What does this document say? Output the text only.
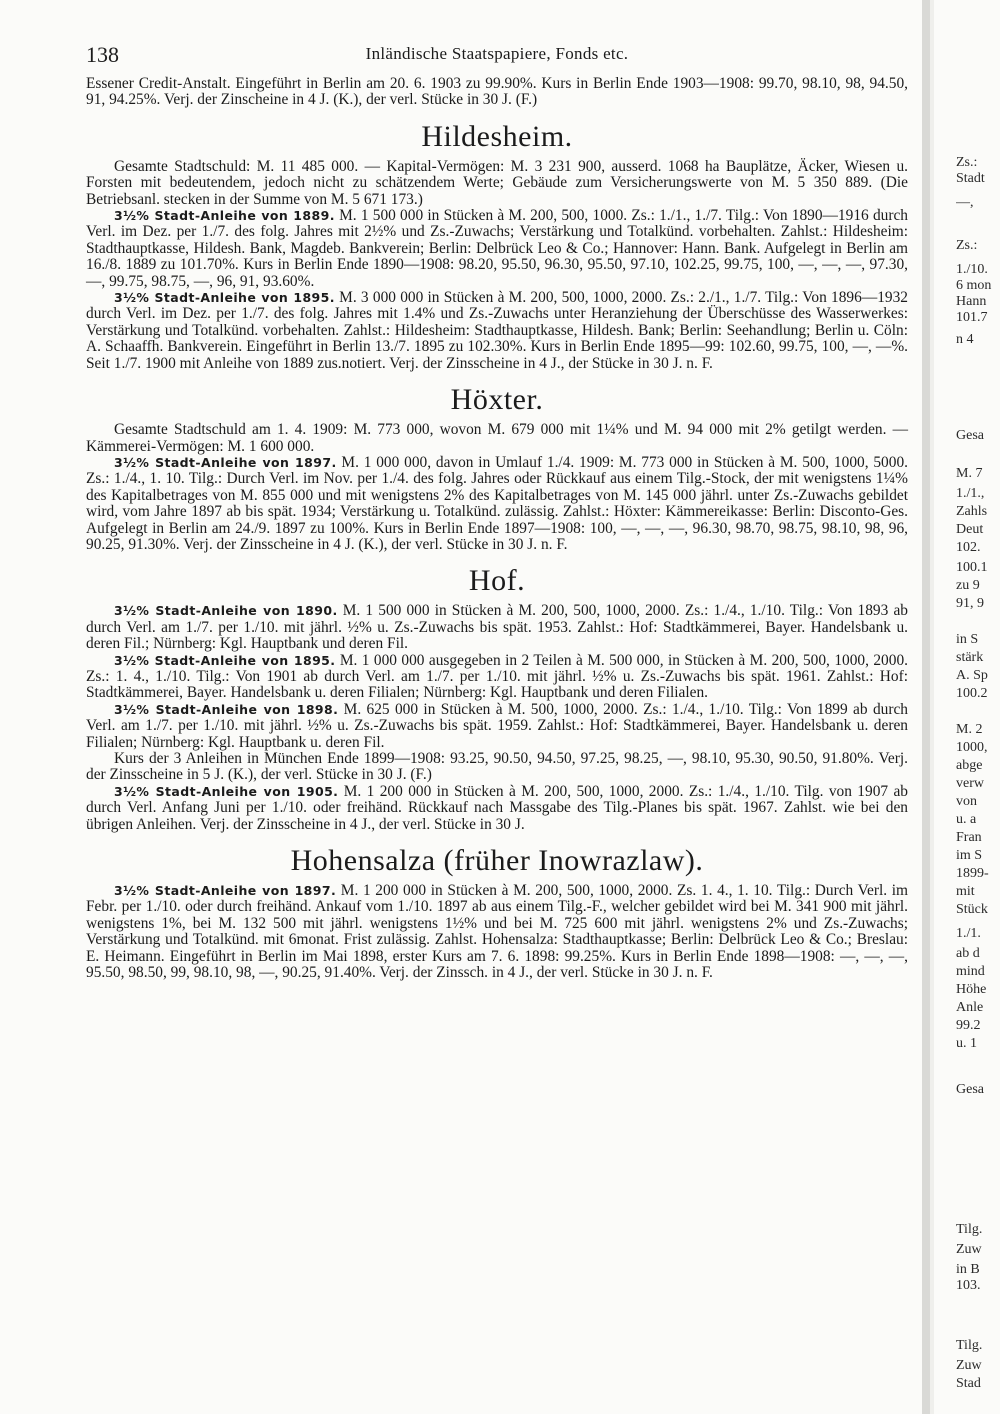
138	Inländische Staatspapiere, Fonds etc.

Essener Credit-Anstalt. Eingeführt in Berlin am 20. 6. 1903 zu 99.90%. Kurs in Berlin Ende 1903—1908: 99.70, 98.10, 98, 94.50, 91, 94.25%. Verj. der Zinscheine in 4 J. (K.), der verl. Stücke in 30 J. (F.)

Hildesheim.

Gesamte Stadtschuld: M. 11 485 000. — Kapital-Vermögen: M. 3 231 900, ausserd. 1068 ha Bauplätze, Äcker, Wiesen u. Forsten mit bedeutendem, jedoch nicht zu schätzendem Werte; Gebäude zum Versicherungswerte von M. 5 350 889. (Die Betriebsanl. stecken in der Summe von M. 5 671 173.)

3½% Stadt-Anleihe von 1889. M. 1 500 000 in Stücken à M. 200, 500, 1000. Zs.: 1./1., 1./7. Tilg.: Von 1890—1916 durch Verl. im Dez. per 1./7. des folg. Jahres mit 2½% und Zs.-Zuwachs; Verstärkung und Totalkünd. vorbehalten. Zahlst.: Hildesheim: Stadthauptkasse, Hildesh. Bank, Magdeb. Bankverein; Berlin: Delbrück Leo & Co.; Hannover: Hann. Bank. Aufgelegt in Berlin am 16./8. 1889 zu 101.70%. Kurs in Berlin Ende 1890—1908: 98.20, 95.50, 96.30, 95.50, 97.10, 102.25, 99.75, 100, —, —, —, 97.30, —, 99.75, 98.75, —, 96, 91, 93.60%.

3½% Stadt-Anleihe von 1895. M. 3 000 000 in Stücken à M. 200, 500, 1000, 2000. Zs.: 2./1., 1./7. Tilg.: Von 1896—1932 durch Verl. im Dez. per 1./7. des folg. Jahres mit 1.4% und Zs.-Zuwachs unter Heranziehung der Überschüsse des Wasserwerkes: Verstärkung und Totalkünd. vorbehalten. Zahlst.: Hildesheim: Stadthauptkasse, Hildesh. Bank; Berlin: Seehandlung; Berlin u. Cöln: A. Schaaffh. Bankverein. Eingeführt in Berlin 13./7. 1895 zu 102.30%. Kurs in Berlin Ende 1895—99: 102.60, 99.75, 100, —, —%. Seit 1./7. 1900 mit Anleihe von 1889 zus.notiert. Verj. der Zinsscheine in 4 J., der Stücke in 30 J. n. F.

Höxter.

Gesamte Stadtschuld am 1. 4. 1909: M. 773 000, wovon M. 679 000 mit 1¼% und M. 94 000 mit 2% getilgt werden. — Kämmerei-Vermögen: M. 1 600 000.

3½% Stadt-Anleihe von 1897. M. 1 000 000, davon in Umlauf 1./4. 1909: M. 773 000 in Stücken à M. 500, 1000, 5000. Zs.: 1./4., 1. 10. Tilg.: Durch Verl. im Nov. per 1./4. des folg. Jahres oder Rückkauf aus einem Tilg.-Stock, der mit wenigstens 1¼% des Kapitalbetrages von M. 855 000 und mit wenigstens 2% des Kapitalbetrages von M. 145 000 jährl. unter Zs.-Zuwachs gebildet wird, vom Jahre 1897 ab bis spät. 1934; Verstärkung u. Totalkünd. zulässig. Zahlst.: Höxter: Kämmereikasse: Berlin: Disconto-Ges. Aufgelegt in Berlin am 24./9. 1897 zu 100%. Kurs in Berlin Ende 1897—1908: 100, —, —, —, 96.30, 98.70, 98.75, 98.10, 98, 96, 90.25, 91.30%. Verj. der Zinsscheine in 4 J. (K.), der verl. Stücke in 30 J. n. F.

Hof.

3½% Stadt-Anleihe von 1890. M. 1 500 000 in Stücken à M. 200, 500, 1000, 2000. Zs.: 1./4., 1./10. Tilg.: Von 1893 ab durch Verl. am 1./7. per 1./10. mit jährl. ½% u. Zs.-Zuwachs bis spät. 1953. Zahlst.: Hof: Stadtkämmerei, Bayer. Handelsbank u. deren Fil.; Nürnberg: Kgl. Hauptbank und deren Fil.

3½% Stadt-Anleihe von 1895. M. 1 000 000 ausgegeben in 2 Teilen à M. 500 000, in Stücken à M. 200, 500, 1000, 2000. Zs.: 1. 4., 1./10. Tilg.: Von 1901 ab durch Verl. am 1./7. per 1./10. mit jährl. ½% u. Zs.-Zuwachs bis spät. 1961. Zahlst.: Hof: Stadtkämmerei, Bayer. Handelsbank u. deren Filialen; Nürnberg: Kgl. Hauptbank und deren Filialen.

3½% Stadt-Anleihe von 1898. M. 625 000 in Stücken à M. 500, 1000, 2000. Zs.: 1./4., 1./10. Tilg.: Von 1899 ab durch Verl. am 1./7. per 1./10. mit jährl. ½% u. Zs.-Zuwachs bis spät. 1959. Zahlst.: Hof: Stadtkämmerei, Bayer. Handelsbank u. deren Filialen; Nürnberg: Kgl. Hauptbank u. deren Fil.

Kurs der 3 Anleihen in München Ende 1899—1908: 93.25, 90.50, 94.50, 97.25, 98.25, —, 98.10, 95.30, 90.50, 91.80%. Verj. der Zinsscheine in 5 J. (K.), der verl. Stücke in 30 J. (F.)

3½% Stadt-Anleihe von 1905. M. 1 200 000 in Stücken à M. 200, 500, 1000, 2000. Zs.: 1./4., 1./10. Tilg. von 1907 ab durch Verl. Anfang Juni per 1./10. oder freihänd. Rückkauf nach Massgabe des Tilg.-Planes bis spät. 1967. Zahlst. wie bei den übrigen Anleihen. Verj. der Zinsscheine in 4 J., der verl. Stücke in 30 J.

Hohensalza (früher Inowrazlaw).

3½% Stadt-Anleihe von 1897. M. 1 200 000 in Stücken à M. 200, 500, 1000, 2000. Zs. 1. 4., 1. 10. Tilg.: Durch Verl. im Febr. per 1./10. oder durch freihänd. Ankauf vom 1./10. 1897 ab aus einem Tilg.-F., welcher gebildet wird bei M. 341 900 mit jährl. wenigstens 1%, bei M. 132 500 mit jährl. wenigstens 1½% und bei M. 725 600 mit jährl. wenigstens 2% und Zs.-Zuwachs; Verstärkung und Totalkünd. mit 6monat. Frist zulässig. Zahlst. Hohensalza: Stadthauptkasse; Berlin: Delbrück Leo & Co.; Breslau: E. Heimann. Eingeführt in Berlin im Mai 1898, erster Kurs am 7. 6. 1898: 99.25%. Kurs in Berlin Ende 1898—1908: —, —, —, 95.50, 98.50, 99, 98.10, 98, —, 90.25, 91.40%. Verj. der Zinssch. in 4 J., der verl. Stücke in 30 J. n. F.

Zs.:
Stadt
—,
Zs.:
1./10.
6 mon
Hann
101.7
n 4
Gesa
M. 7
1./1.,
Zahls
Deut
102.
100.1
zu 9
91, 9
in S
stärk
A. Sp
100.2
M. 2
1000,
abge
verw
von
u. a
Fran
im S
1899-
mit
Stück
1./1.
ab d
mind
Höhe
Anle
99.2
u. 1
Gesa
Tilg.
Zuw
in B
103.
Tilg.
Zuw
Stad
